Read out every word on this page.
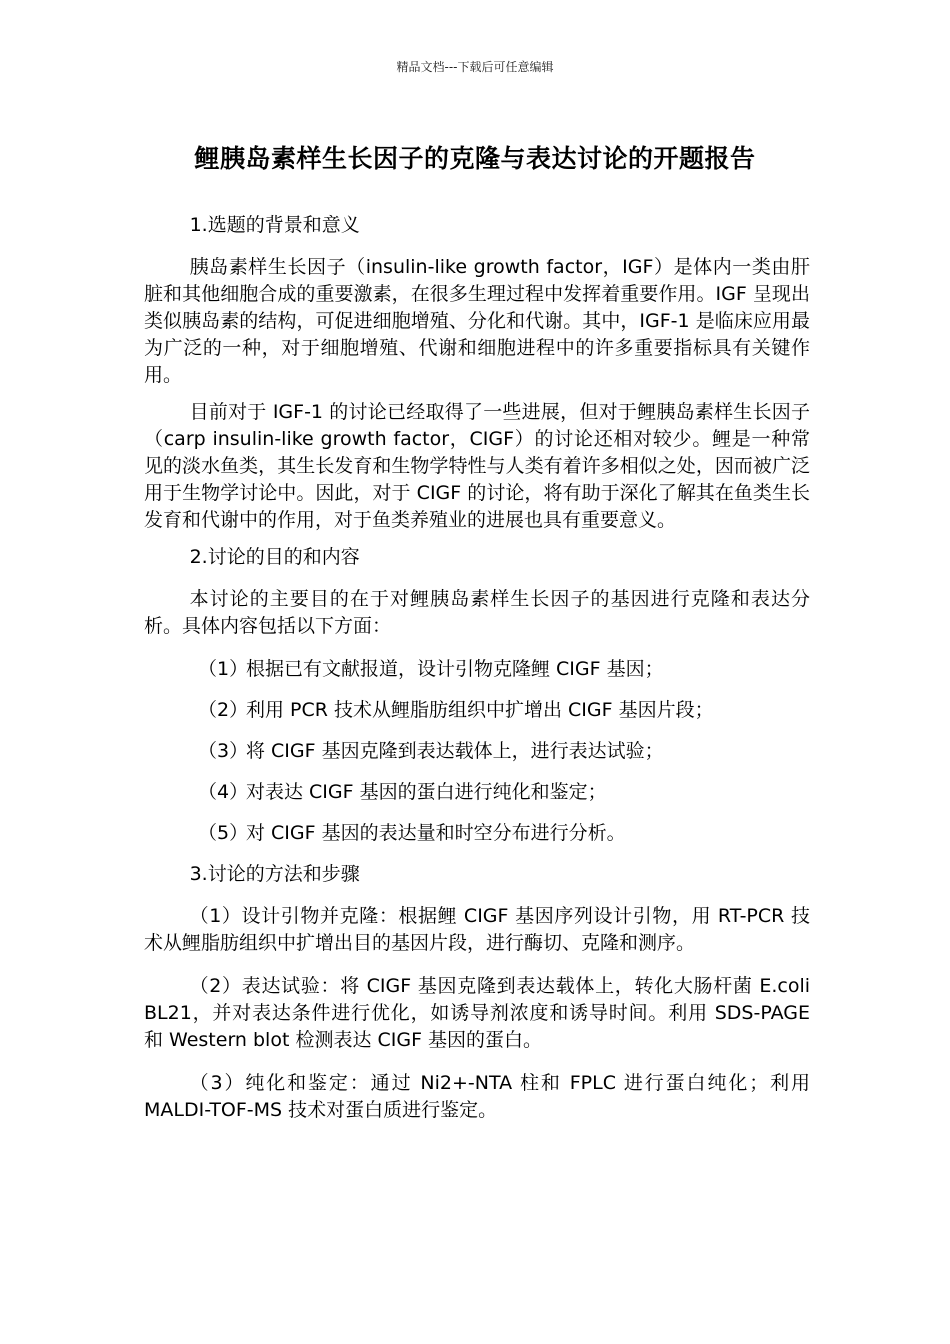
精品文档---下载后可任意编辑
鲤胰岛素样生长因子的克隆与表达讨论的开题报告

1.选题的背景和意义

胰岛素样生长因子（insulin-like growth factor，IGF）是体内一类由肝脏和其他细胞合成的重要激素，在很多生理过程中发挥着重要作用。IGF 呈现出类似胰岛素的结构，可促进细胞增殖、分化和代谢。其中，IGF-1 是临床应用最为广泛的一种，对于细胞增殖、代谢和细胞进程中的许多重要指标具有关键作用。

目前对于 IGF-1 的讨论已经取得了一些进展，但对于鲤胰岛素样生长因子（carp insulin-like growth factor，CIGF）的讨论还相对较少。鲤是一种常见的淡水鱼类，其生长发育和生物学特性与人类有着许多相似之处，因而被广泛用于生物学讨论中。因此，对于 CIGF 的讨论，将有助于深化了解其在鱼类生长发育和代谢中的作用，对于鱼类养殖业的进展也具有重要意义。

2.讨论的目的和内容

本讨论的主要目的在于对鲤胰岛素样生长因子的基因进行克隆和表达分析。具体内容包括以下方面：

（1）根据已有文献报道，设计引物克隆鲤 CIGF 基因；

（2）利用 PCR 技术从鲤脂肪组织中扩增出 CIGF 基因片段；

（3）将 CIGF 基因克隆到表达载体上，进行表达试验；

（4）对表达 CIGF 基因的蛋白进行纯化和鉴定；

（5）对 CIGF 基因的表达量和时空分布进行分析。

3.讨论的方法和步骤

（1）设计引物并克隆：根据鲤 CIGF 基因序列设计引物，用 RT-PCR 技术从鲤脂肪组织中扩增出目的基因片段，进行酶切、克隆和测序。

（2）表达试验：将 CIGF 基因克隆到表达载体上，转化大肠杆菌 E.coli BL21，并对表达条件进行优化，如诱导剂浓度和诱导时间。利用 SDS-PAGE 和 Western blot 检测表达 CIGF 基因的蛋白。

（3）纯化和鉴定：通过 Ni2+-NTA 柱和 FPLC 进行蛋白纯化；利用 MALDI-TOF-MS 技术对蛋白质进行鉴定。
